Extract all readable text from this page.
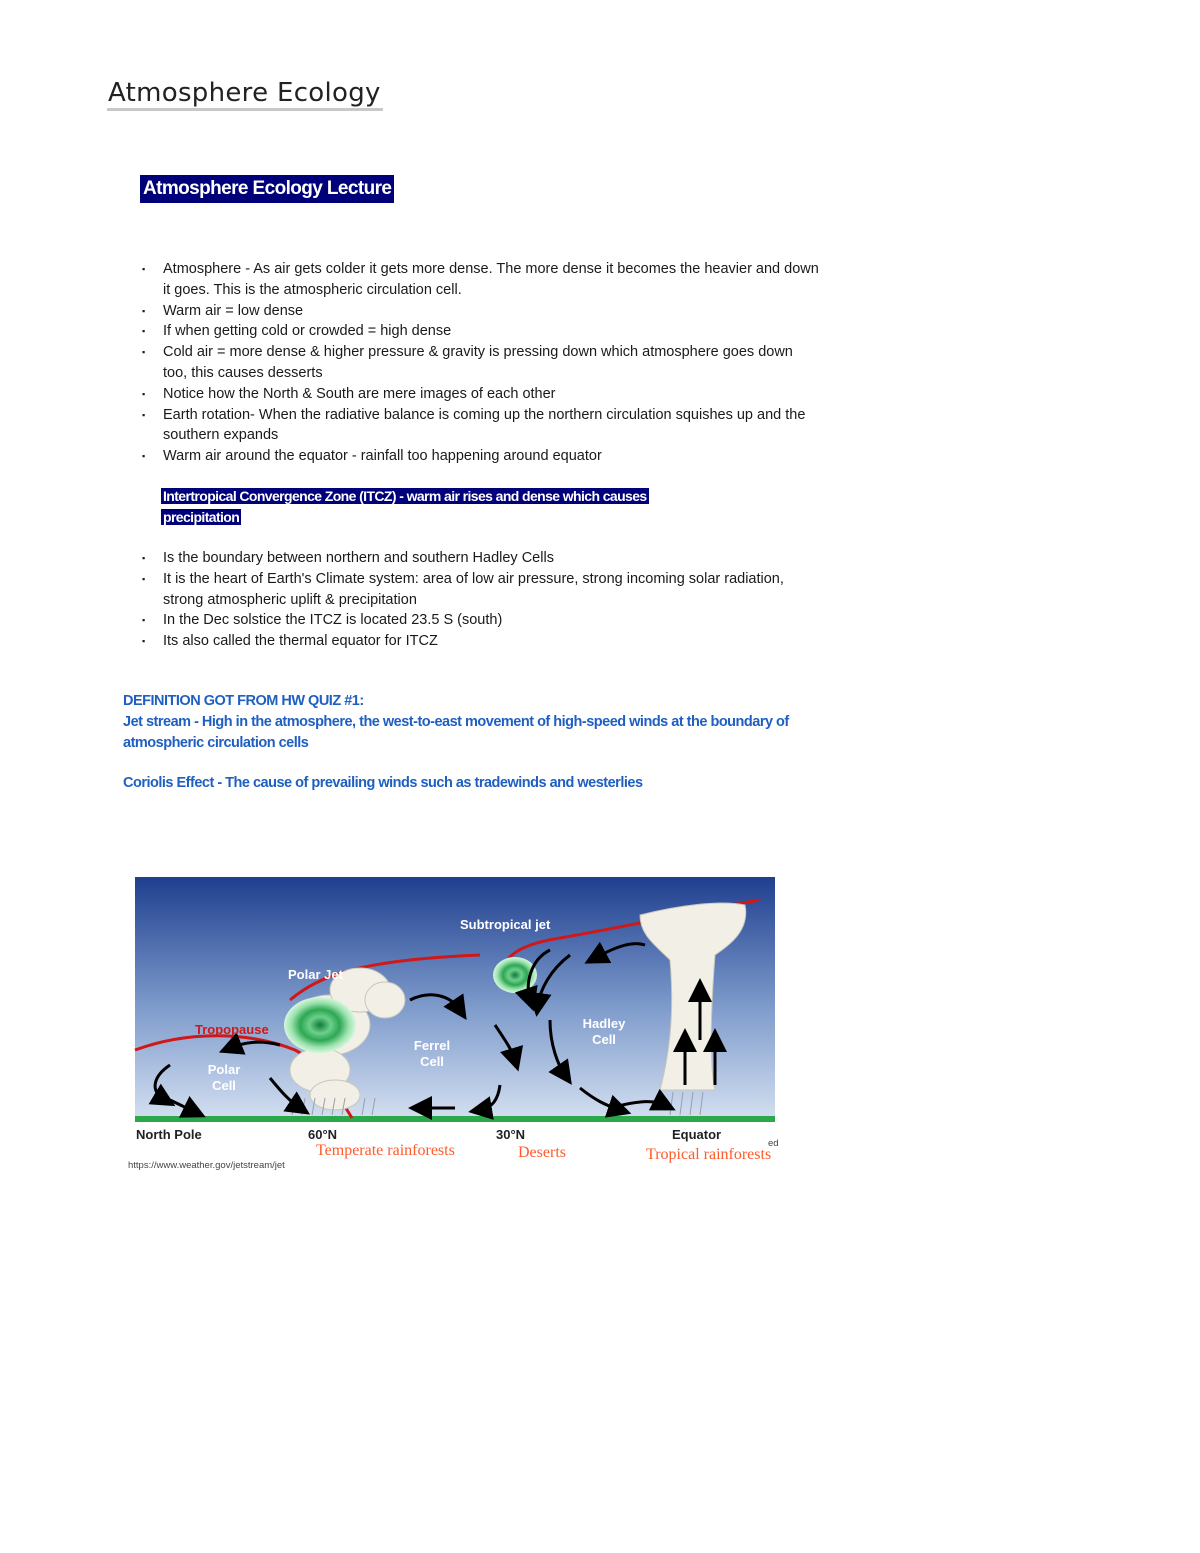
Atmosphere Ecology
Atmosphere Ecology Lecture
▪ Atmosphere - As air gets colder it gets more dense. The more dense it becomes the heavier and down it goes. This is the atmospheric circulation cell.
▪ Warm air = low dense
▪ If when getting cold or crowded = high dense
▪ Cold air = more dense & higher pressure & gravity is pressing down which atmosphere goes down too, this causes desserts
▪ Notice how the North & South are mere images of each other
▪ Earth rotation- When the radiative balance is coming up the northern circulation squishes up and the southern expands
▪ Warm air around the equator - rainfall too happening around equator
Intertropical Convergence Zone (ITCZ) - warm air rises and dense which causes precipitation
▪ Is the boundary between northern and southern Hadley Cells
▪ It is the heart of Earth's Climate system: area of low air pressure, strong incoming solar radiation, strong atmospheric uplift & precipitation
▪ In the Dec solstice the ITCZ is located 23.5 S (south)
▪ Its also called the thermal equator for ITCZ
DEFINITION GOT FROM HW QUIZ #1:
Jet stream - High in the atmosphere, the west-to-east movement of high-speed winds at the boundary of atmospheric circulation cells
Coriolis Effect - The cause of prevailing winds such as tradewinds and westerlies
Subtropical jet
Polar Jet
Tropopause
Polar
Cell
Ferrel
Cell
Hadley
Cell
North Pole	60°N	30°N	Equator
Temperate rainforests	Deserts	Tropical rainforests
https://www.weather.gov/jetstream/jet
ed
